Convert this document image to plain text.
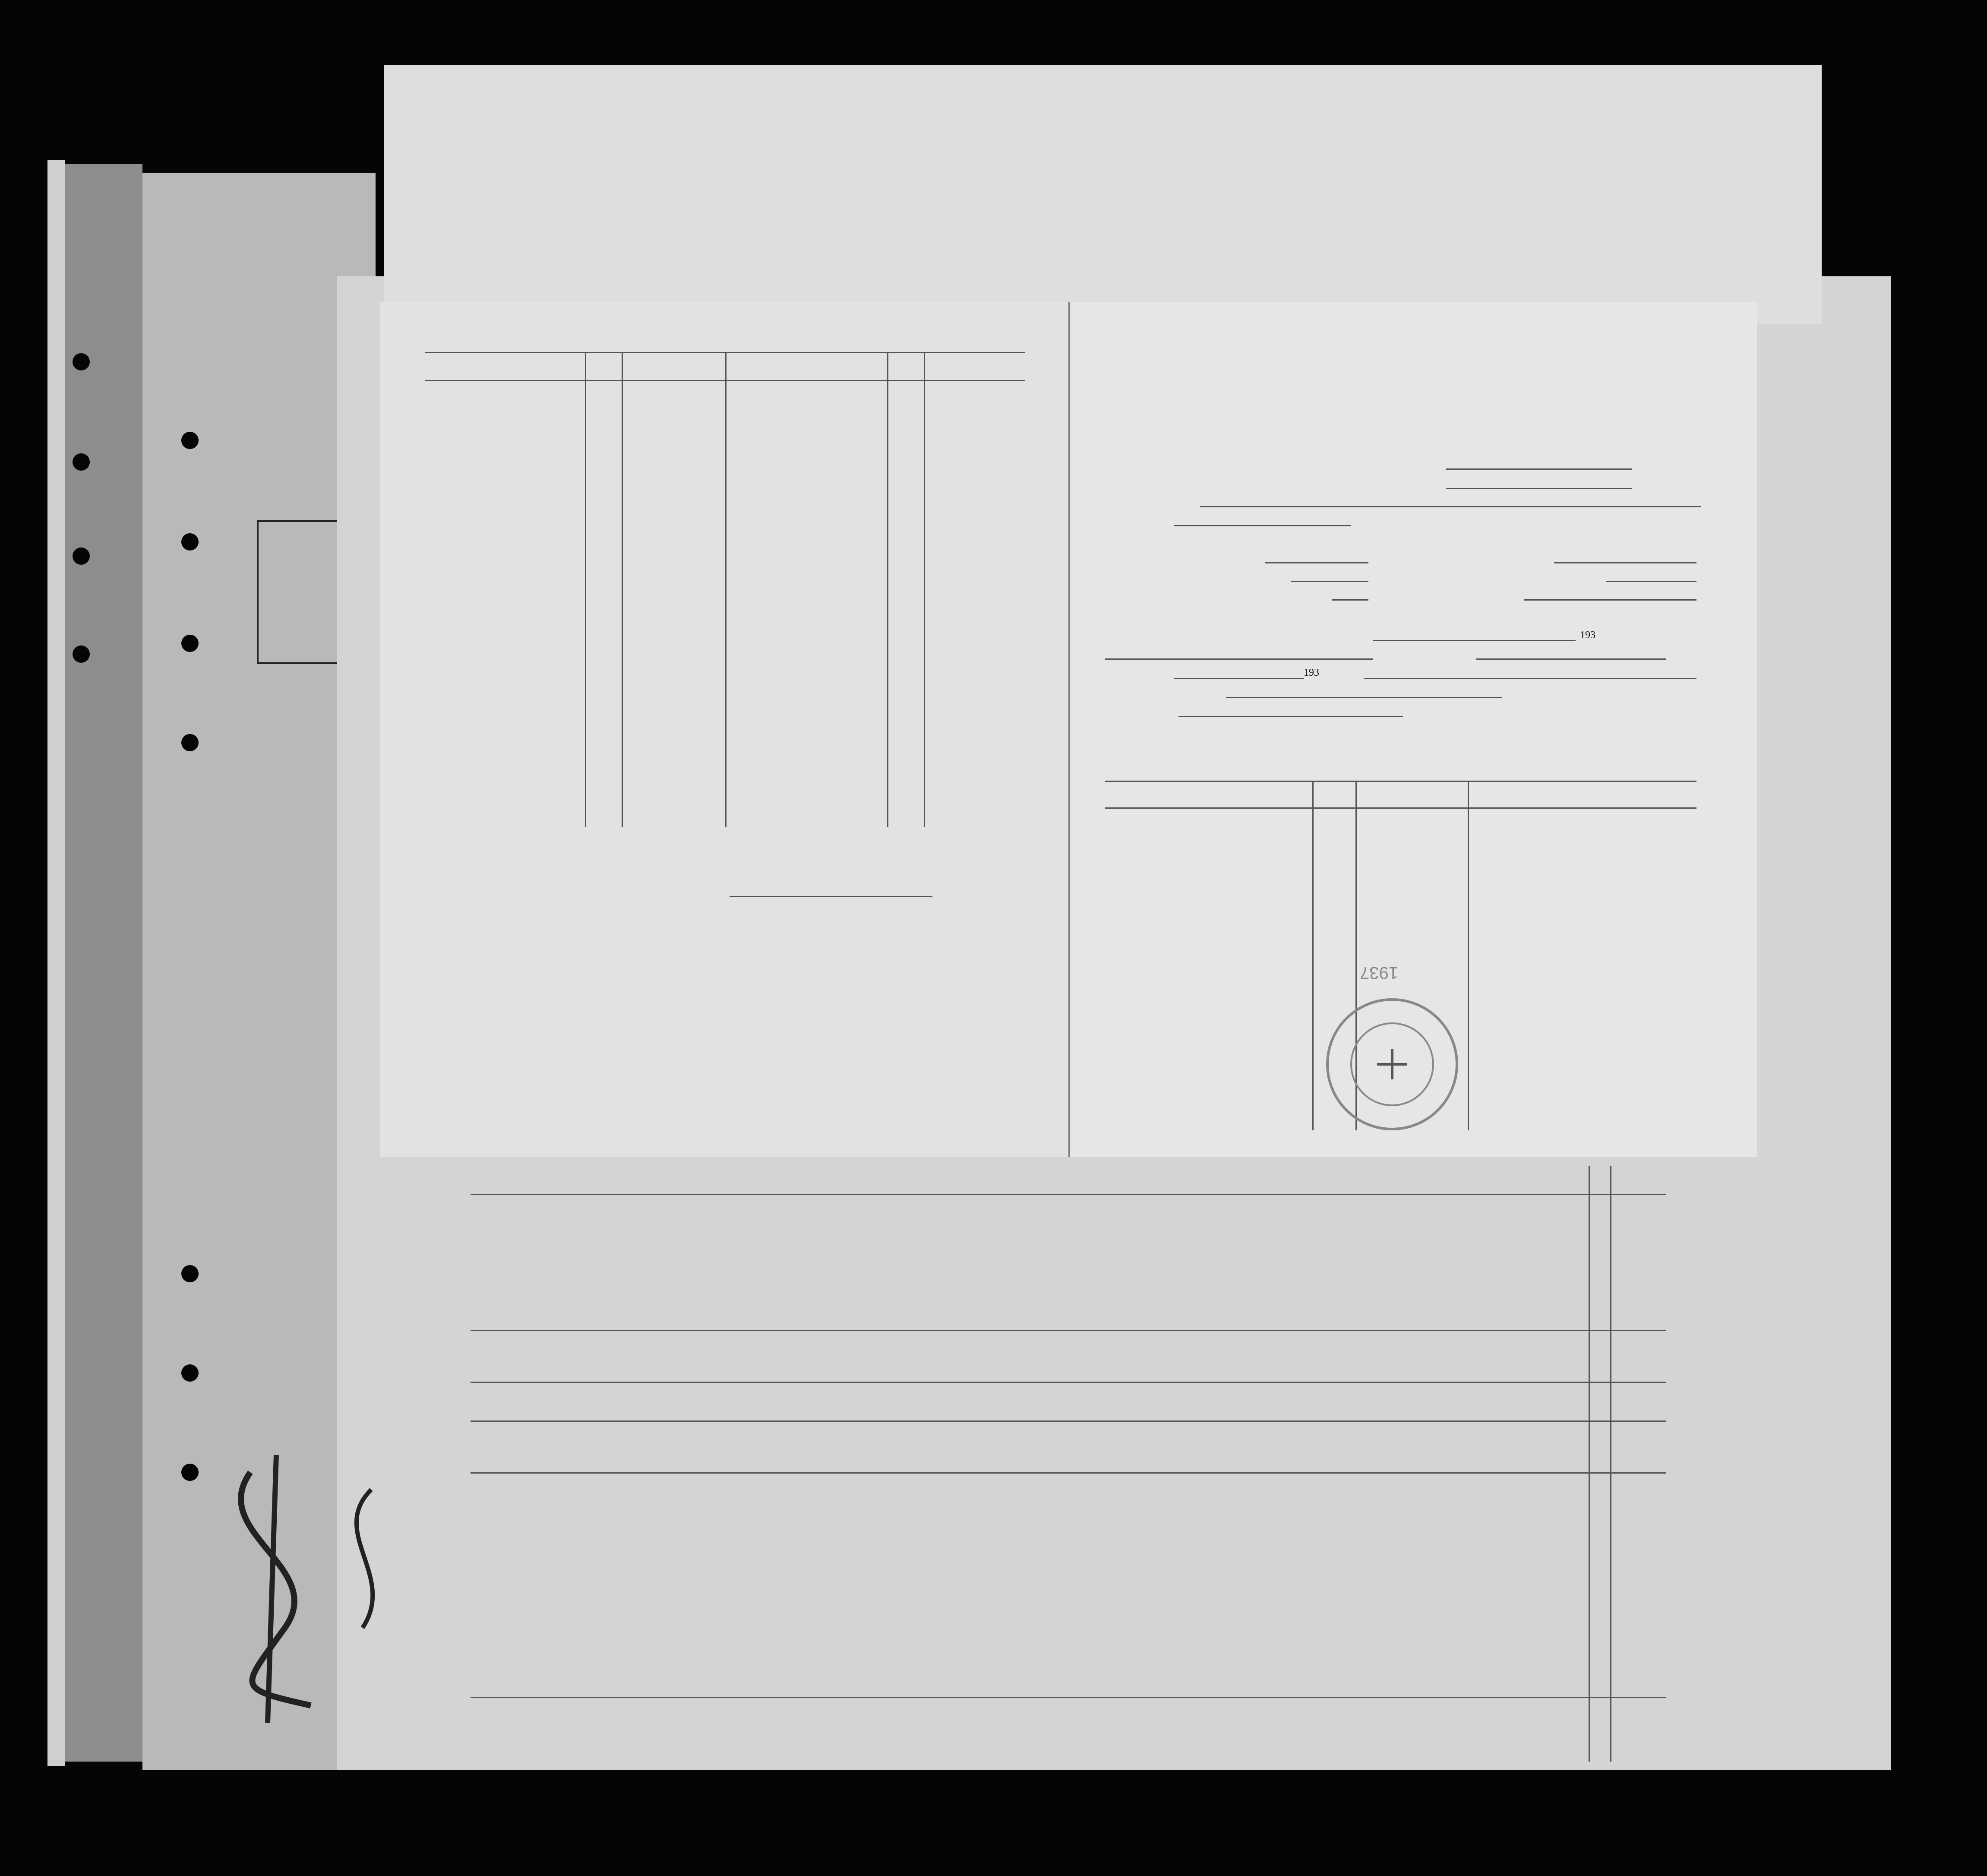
193
193
1937
